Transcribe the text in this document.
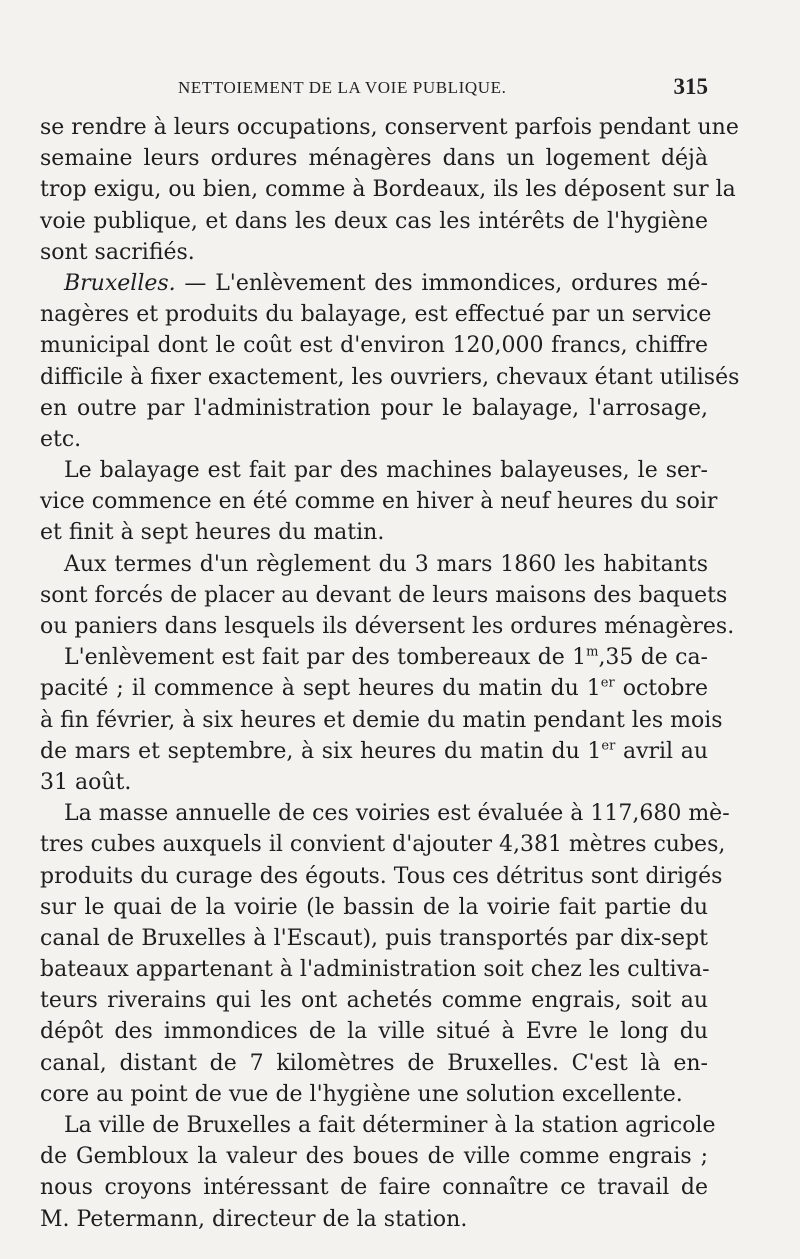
NETTOIEMENT DE LA VOIE PUBLIQUE.	315
se rendre à leurs occupations, conservent parfois pendant une
semaine leurs ordures ménagères dans un logement déjà
trop exigu, ou bien, comme à Bordeaux, ils les déposent sur la
voie publique, et dans les deux cas les intérêts de l'hygiène
sont sacrifiés.
Bruxelles. — L'enlèvement des immondices, ordures mé-
nagères et produits du balayage, est effectué par un service
municipal dont le coût est d'environ 120,000 francs, chiffre
difficile à fixer exactement, les ouvriers, chevaux étant utilisés
en outre par l'administration pour le balayage, l'arrosage,
etc.
Le balayage est fait par des machines balayeuses, le ser-
vice commence en été comme en hiver à neuf heures du soir
et finit à sept heures du matin.
Aux termes d'un règlement du 3 mars 1860 les habitants
sont forcés de placer au devant de leurs maisons des baquets
ou paniers dans lesquels ils déversent les ordures ménagères.
L'enlèvement est fait par des tombereaux de 1$^m$,35 de ca-
pacité ; il commence à sept heures du matin du 1er octobre
à fin février, à six heures et demie du matin pendant les mois
de mars et septembre, à six heures du matin du 1er avril au
31 août.
La masse annuelle de ces voiries est évaluée à 117,680 mè-
tres cubes auxquels il convient d'ajouter 4,381 mètres cubes,
produits du curage des égouts. Tous ces détritus sont dirigés
sur le quai de la voirie (le bassin de la voirie fait partie du
canal de Bruxelles à l'Escaut), puis transportés par dix-sept
bateaux appartenant à l'administration soit chez les cultiva-
teurs riverains qui les ont achetés comme engrais, soit au
dépôt des immondices de la ville situé à Evre le long du
canal, distant de 7 kilomètres de Bruxelles. C'est là en-
core au point de vue de l'hygiène une solution excellente.
La ville de Bruxelles a fait déterminer à la station agricole
de Gembloux la valeur des boues de ville comme engrais ;
nous croyons intéressant de faire connaître ce travail de
M. Petermann, directeur de la station.
